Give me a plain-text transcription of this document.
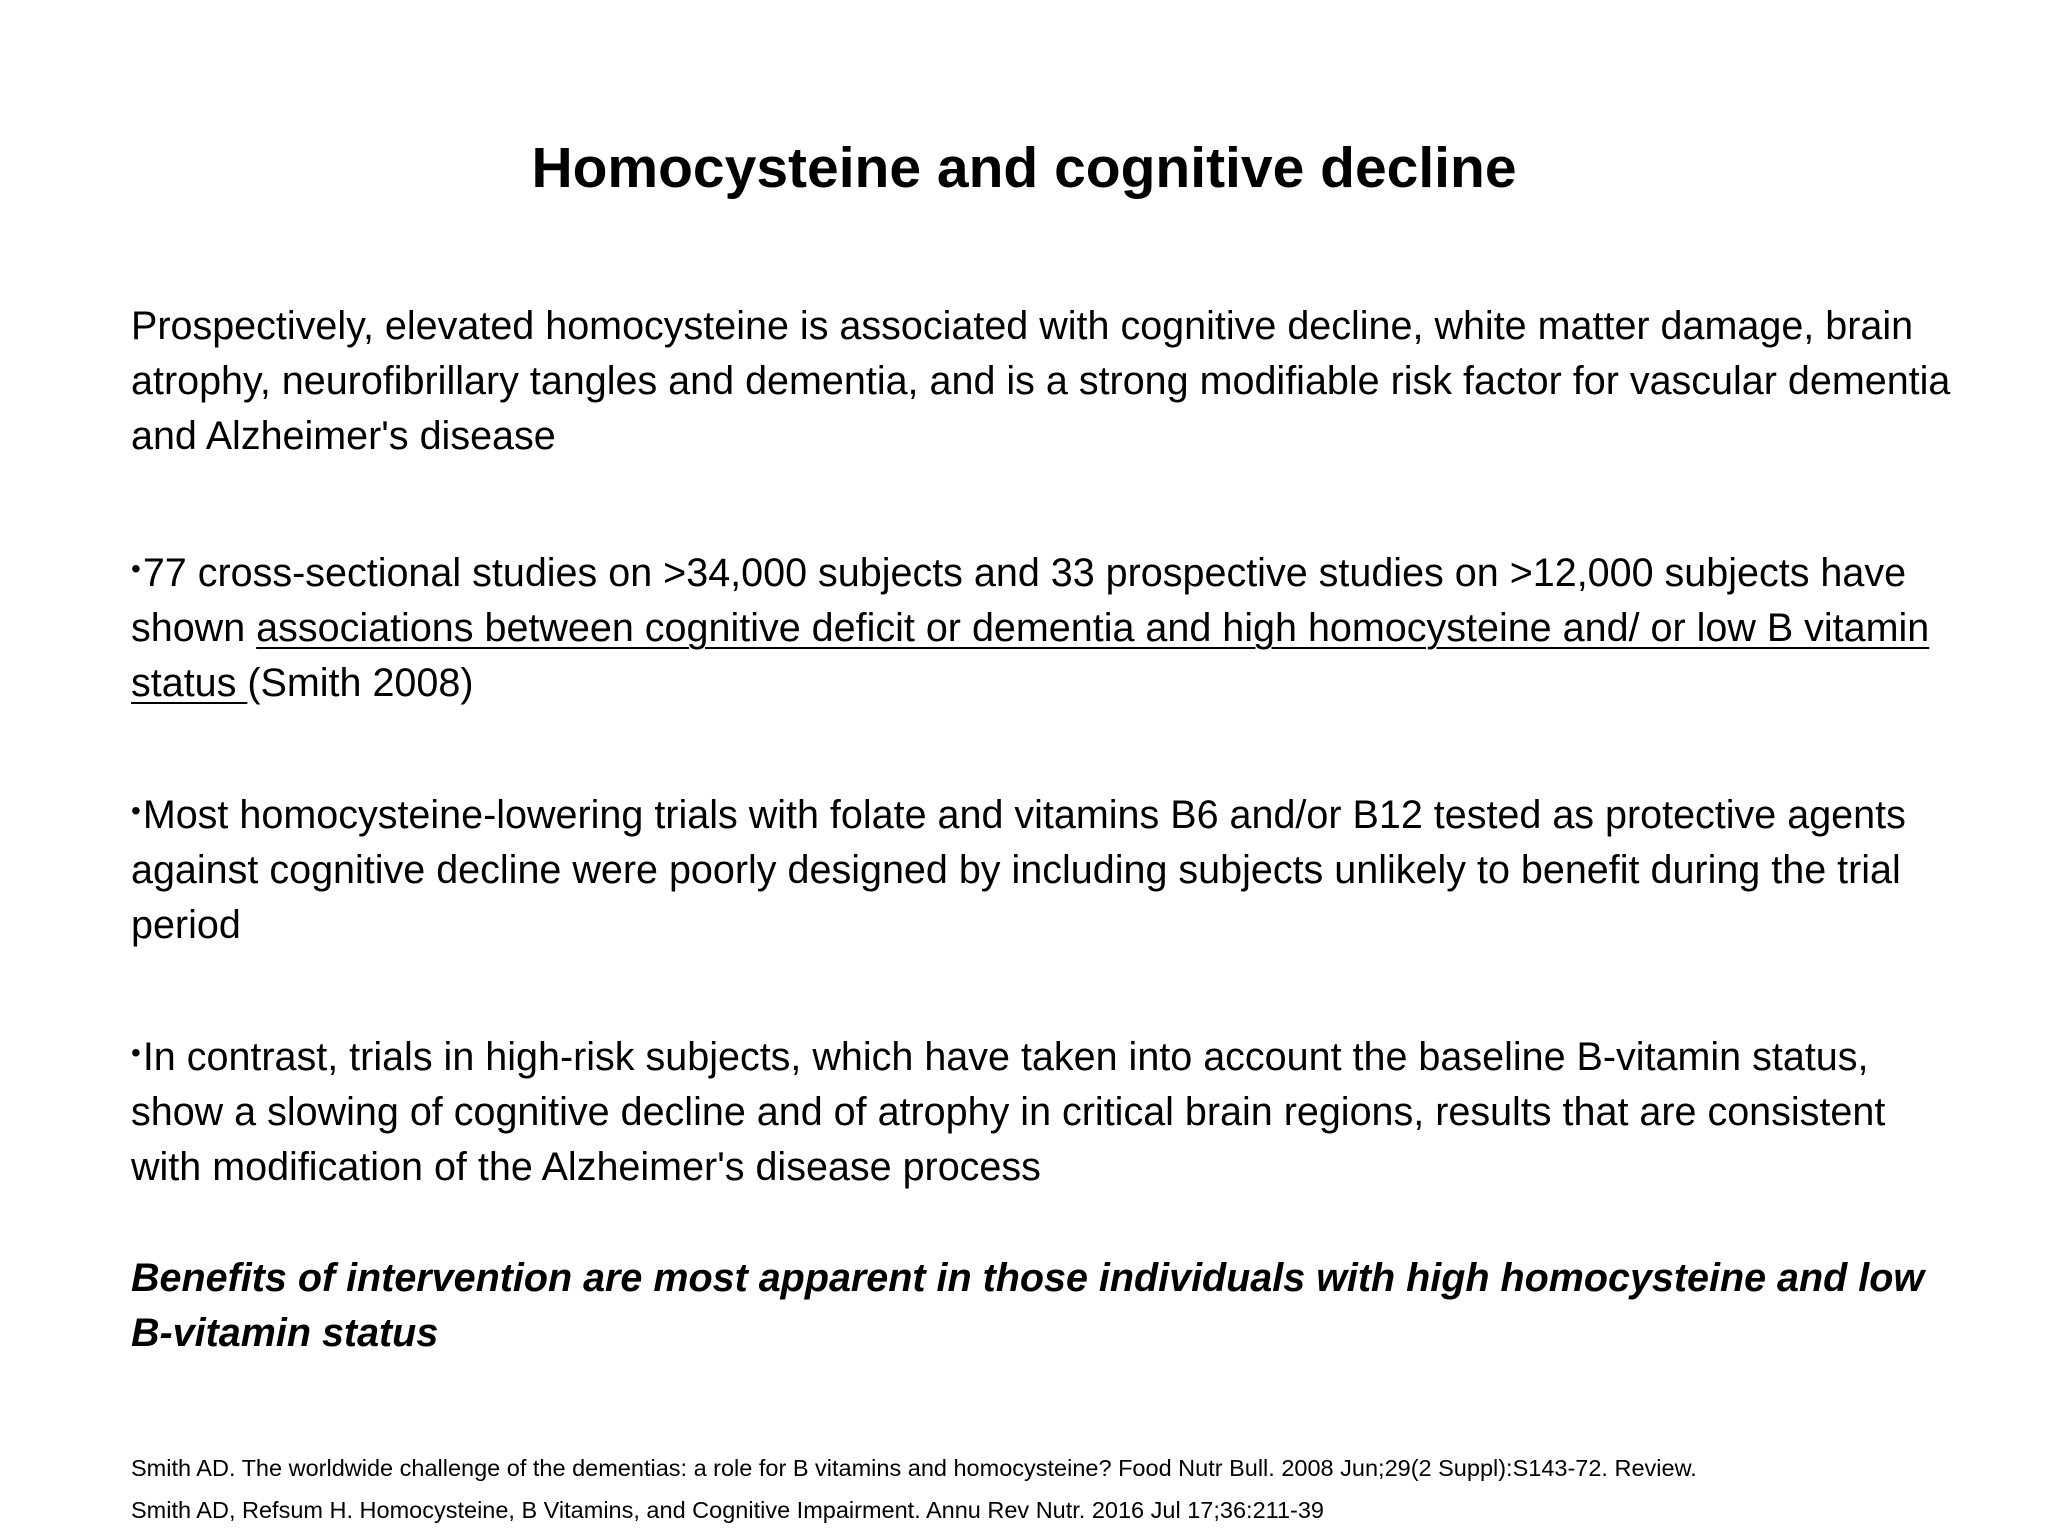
Homocysteine and cognitive decline

Prospectively, elevated homocysteine is associated with cognitive decline, white matter damage, brain atrophy, neurofibrillary tangles and dementia, and is a strong modifiable risk factor for vascular dementia and Alzheimer's disease

•77 cross-sectional studies on >34,000 subjects and 33 prospective studies on >12,000 subjects have shown associations between cognitive deficit or dementia and high homocysteine and/ or low B vitamin status (Smith 2008)

•Most homocysteine-lowering trials with folate and vitamins B6 and/or B12 tested as protective agents against cognitive decline were poorly designed by including subjects unlikely to benefit during the trial period

•In contrast, trials in high-risk subjects, which have taken into account the baseline B-vitamin status, show a slowing of cognitive decline and of atrophy in critical brain regions, results that are consistent with modification of the Alzheimer's disease process

Benefits of intervention are most apparent in those individuals with high homocysteine and low B-vitamin status

Smith AD. The worldwide challenge of the dementias: a role for B vitamins and homocysteine? Food Nutr Bull. 2008 Jun;29(2 Suppl):S143-72. Review.
Smith AD, Refsum H. Homocysteine, B Vitamins, and Cognitive Impairment. Annu Rev Nutr. 2016 Jul 17;36:211-39
